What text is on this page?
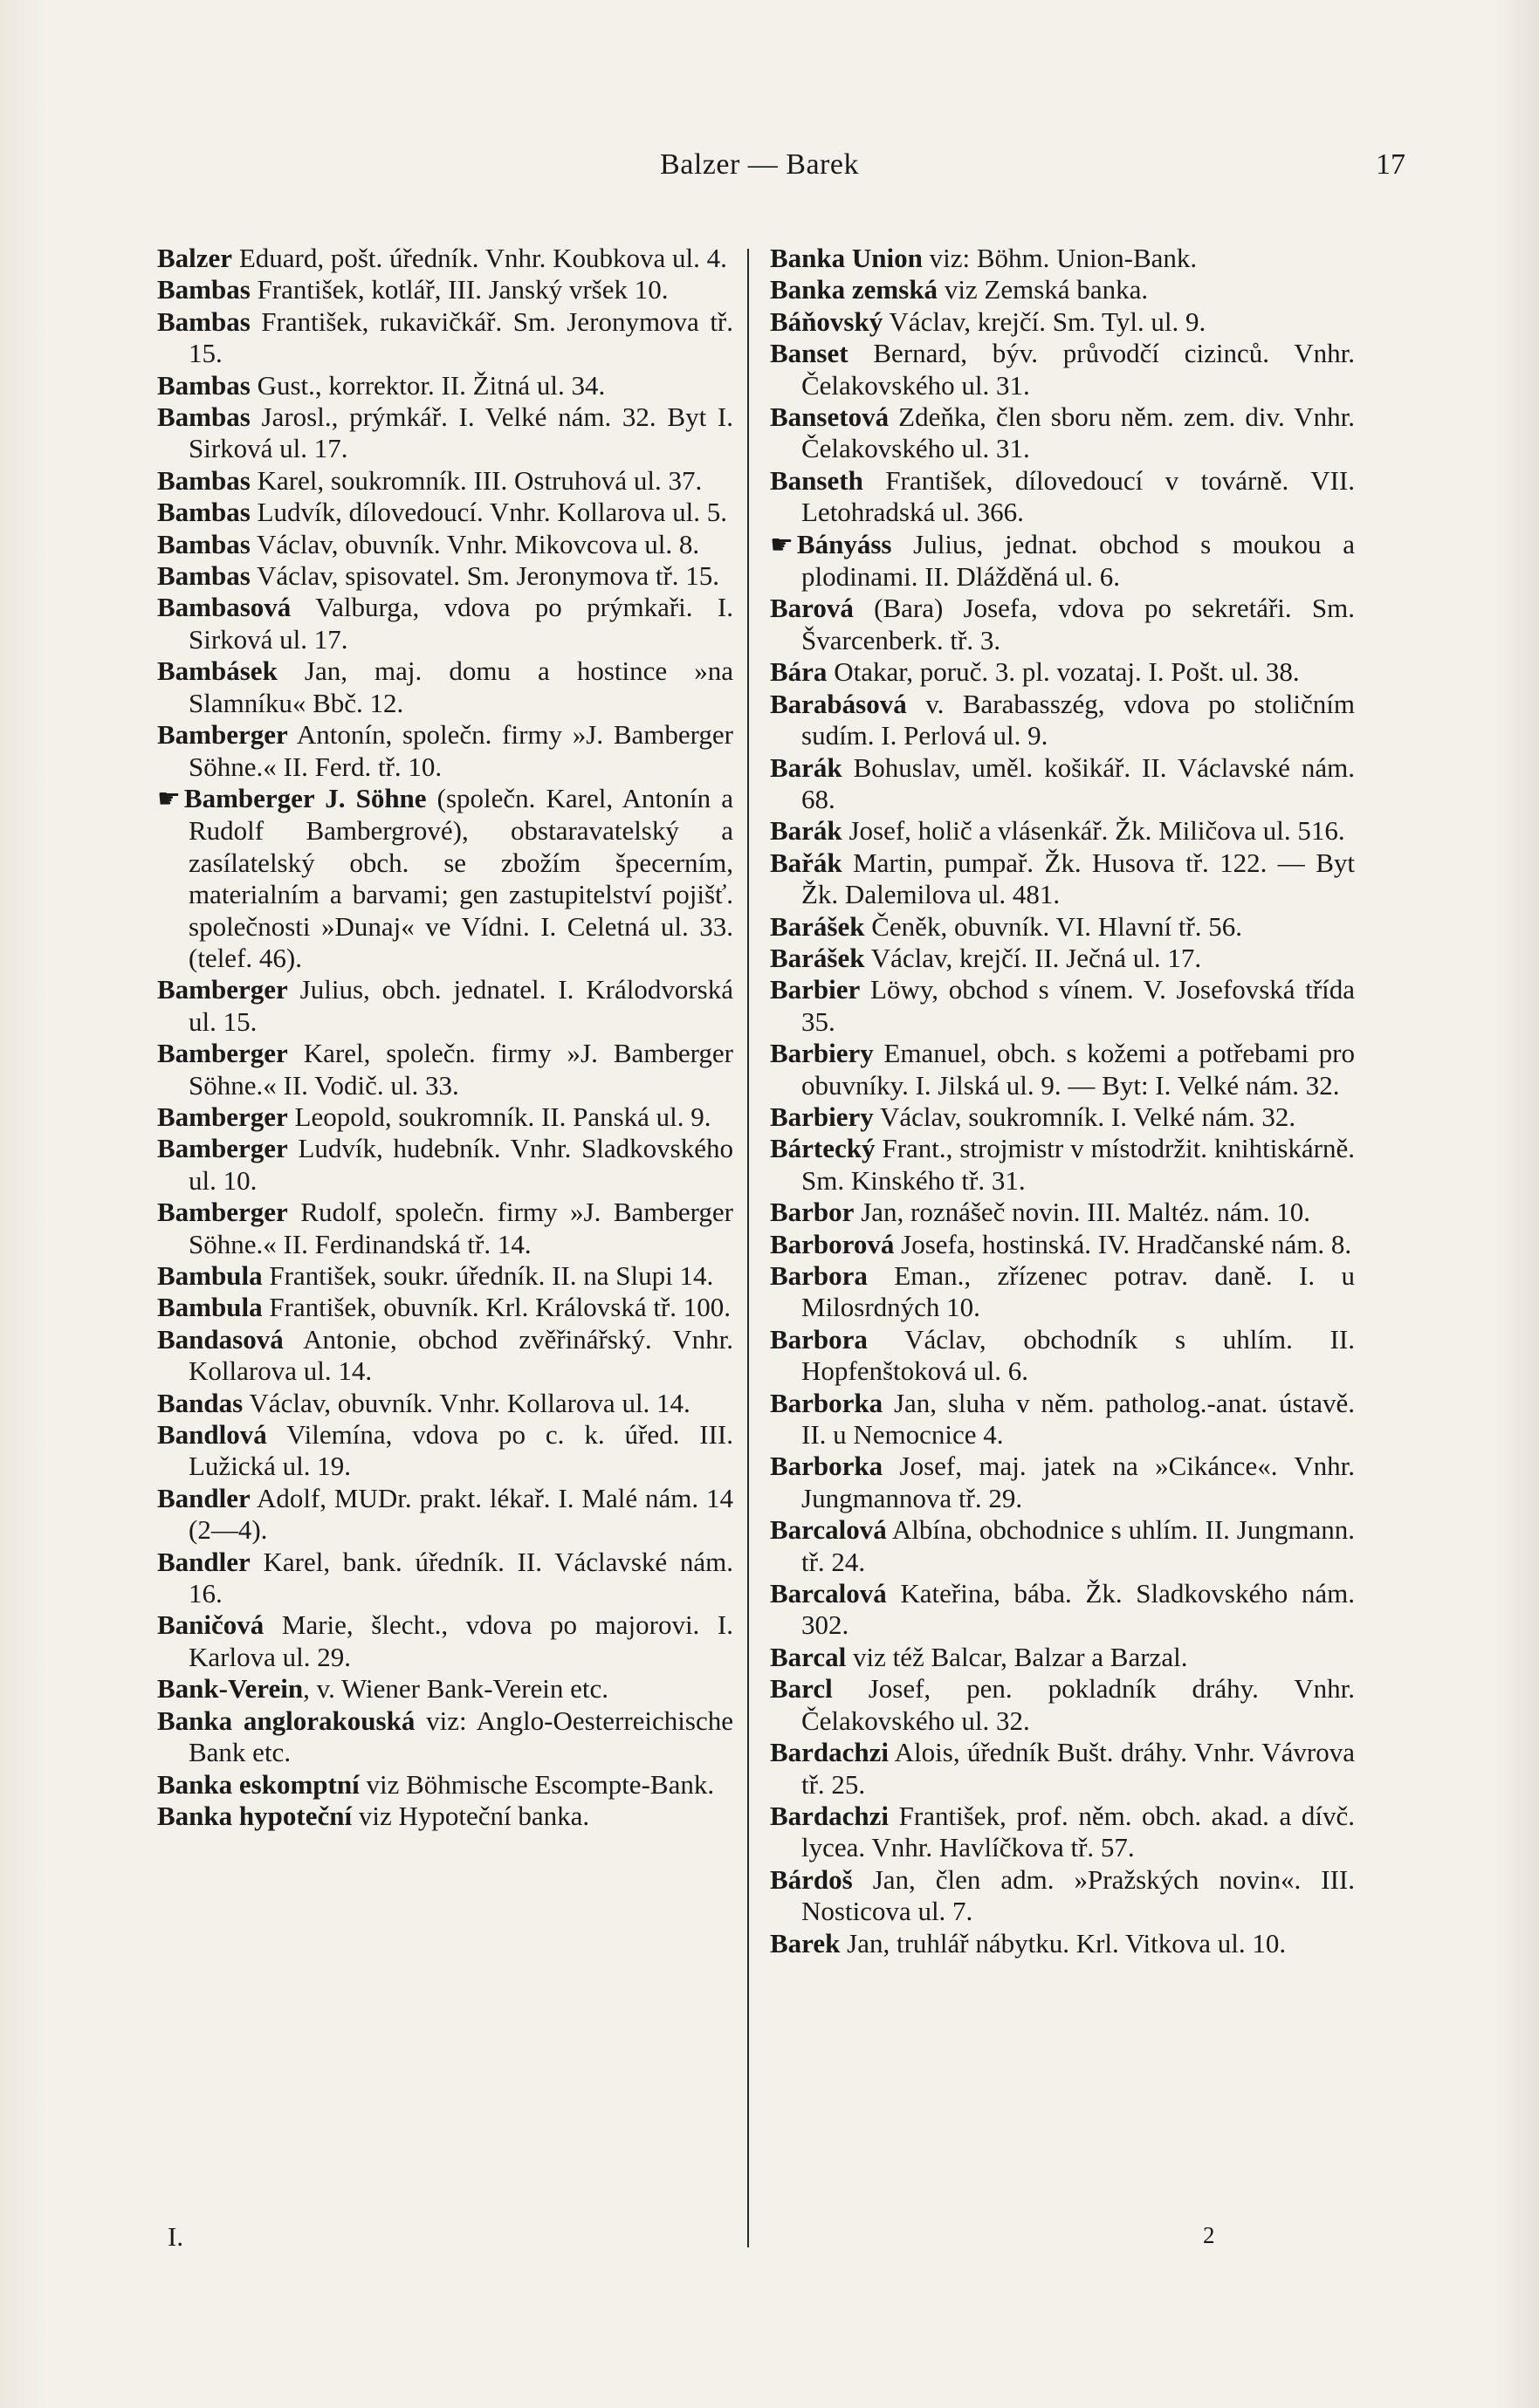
Balzer — Barek	17

Balzer Eduard, pošt. úředník. Vnhr. Koubkova ul. 4.

Bambas František, kotlář, III. Janský vršek 10.

Bambas František, rukavičkář. Sm. Jeronymova tř. 15.

Bambas Gust., korrektor. II. Žitná ul. 34.

Bambas Jarosl., prýmkář. I. Velké nám. 32. Byt I. Sirková ul. 17.

Bambas Karel, soukromník. III. Ostruhová ul. 37.

Bambas Ludvík, dílovedoucí. Vnhr. Kollarova ul. 5.

Bambas Václav, obuvník. Vnhr. Mikovcova ul. 8.

Bambas Václav, spisovatel. Sm. Jeronymova tř. 15.

Bambasová Valburga, vdova po prýmkaři. I. Sirková ul. 17.

Bambásek Jan, maj. domu a hostince »na Slamníku« Bbč. 12.

Bamberger Antonín, společn. firmy »J. Bamberger Söhne.« II. Ferd. tř. 10.

☛ Bamberger J. Söhne (společn. Karel, Antonín a Rudolf Bambergrové), obstaravatelský a zasílatelský obch. se zbožím špecerním, materialním a barvami; gen zastupitelství pojišť. společnosti »Dunaj« ve Vídni. I. Celetná ul. 33. (telef. 46).

Bamberger Julius, obch. jednatel. I. Králodvorská ul. 15.

Bamberger Karel, společn. firmy »J. Bamberger Söhne.« II. Vodič. ul. 33.

Bamberger Leopold, soukromník. II. Panská ul. 9.

Bamberger Ludvík, hudebník. Vnhr. Sladkovského ul. 10.

Bamberger Rudolf, společn. firmy »J. Bamberger Söhne.« II. Ferdinandská tř. 14.

Bambula František, soukr. úředník. II. na Slupi 14.

Bambula František, obuvník. Krl. Královská tř. 100.

Bandasová Antonie, obchod zvěřinářský. Vnhr. Kollarova ul. 14.

Bandas Václav, obuvník. Vnhr. Kollarova ul. 14.

Bandlová Vilemína, vdova po c. k. úřed. III. Lužická ul. 19.

Bandler Adolf, MUDr. prakt. lékař. I. Malé nám. 14 (2—4).

Bandler Karel, bank. úředník. II. Václavské nám. 16.

Baničová Marie, šlecht., vdova po majorovi. I. Karlova ul. 29.

Bank-Verein, v. Wiener Bank-Verein etc.

Banka anglorakouská viz: Anglo-Oesterreichische Bank etc.

Banka eskomptní viz Böhmische Escompte-Bank.

Banka hypoteční viz Hypoteční banka.

Banka Union viz: Böhm. Union-Bank.

Banka zemská viz Zemská banka.

Báňovský Václav, krejčí. Sm. Tyl. ul. 9.

Banset Bernard, býv. průvodčí cizinců. Vnhr. Čelakovského ul. 31.

Bansetová Zdeňka, člen sboru něm. zem. div. Vnhr. Čelakovského ul. 31.

Banseth František, dílovedoucí v továrně. VII. Letohradská ul. 366.

☛ Bányáss Julius, jednat. obchod s moukou a plodinami. II. Dlážděná ul. 6.

Barová (Bara) Josefa, vdova po sekretáři. Sm. Švarcenberk. tř. 3.

Bára Otakar, poruč. 3. pl. vozataj. I. Pošt. ul. 38.

Barabásová v. Barabasszég, vdova po stoličním sudím. I. Perlová ul. 9.

Barák Bohuslav, uměl. košikář. II. Václavské nám. 68.

Barák Josef, holič a vlásenkář. Žk. Miličova ul. 516.

Bařák Martin, pumpař. Žk. Husova tř. 122. — Byt Žk. Dalemilova ul. 481.

Barášek Čeněk, obuvník. VI. Hlavní tř. 56.

Barášek Václav, krejčí. II. Ječná ul. 17.

Barbier Löwy, obchod s vínem. V. Josefovská třída 35.

Barbiery Emanuel, obch. s kožemi a potřebami pro obuvníky. I. Jilská ul. 9. — Byt: I. Velké nám. 32.

Barbiery Václav, soukromník. I. Velké nám. 32.

Bártecký Frant., strojmistr v místodržit. knihtiskárně. Sm. Kinského tř. 31.

Barbor Jan, roznášeč novin. III. Maltéz. nám. 10.

Barborová Josefa, hostinská. IV. Hradčanské nám. 8.

Barbora Eman., zřízenec potrav. daně. I. u Milosrdných 10.

Barbora Václav, obchodník s uhlím. II. Hopfenštoková ul. 6.

Barborka Jan, sluha v něm. patholog.-anat. ústavě. II. u Nemocnice 4.

Barborka Josef, maj. jatek na »Cikánce«. Vnhr. Jungmannova tř. 29.

Barcalová Albína, obchodnice s uhlím. II. Jungmann. tř. 24.

Barcalová Kateřina, bába. Žk. Sladkovského nám. 302.

Barcal viz též Balcar, Balzar a Barzal.

Barcl Josef, pen. pokladník dráhy. Vnhr. Čelakovského ul. 32.

Bardachzi Alois, úředník Bušt. dráhy. Vnhr. Vávrova tř. 25.

Bardachzi František, prof. něm. obch. akad. a dívč. lycea. Vnhr. Havlíčkova tř. 57.

Bárdoš Jan, člen adm. »Pražských novin«. III. Nosticova ul. 7.

Barek Jan, truhlář nábytku. Krl. Vitkova ul. 10.

I.	2
